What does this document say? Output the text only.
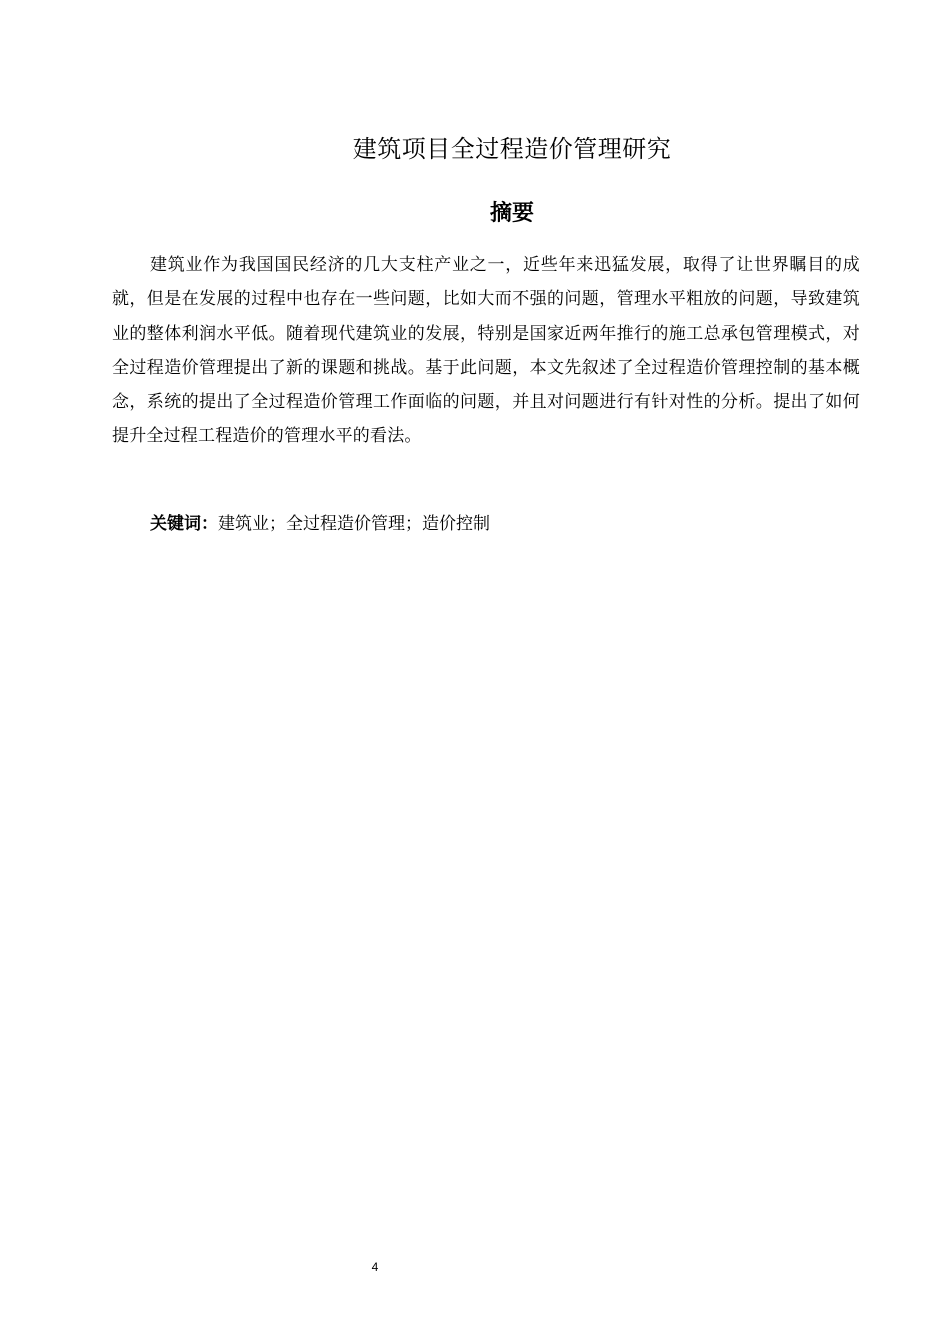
建筑项目全过程造价管理研究
摘要

建筑业作为我国国民经济的几大支柱产业之一，近些年来迅猛发展，取得了让世界瞩目的成就，但是在发展的过程中也存在一些问题，比如大而不强的问题，管理水平粗放的问题，导致建筑业的整体利润水平低。随着现代建筑业的发展，特别是国家近两年推行的施工总承包管理模式，对全过程造价管理提出了新的课题和挑战。基于此问题，本文先叙述了全过程造价管理控制的基本概念，系统的提出了全过程造价管理工作面临的问题，并且对问题进行有针对性的分析。提出了如何提升全过程工程造价的管理水平的看法。

关键词：建筑业；全过程造价管理；造价控制

4
